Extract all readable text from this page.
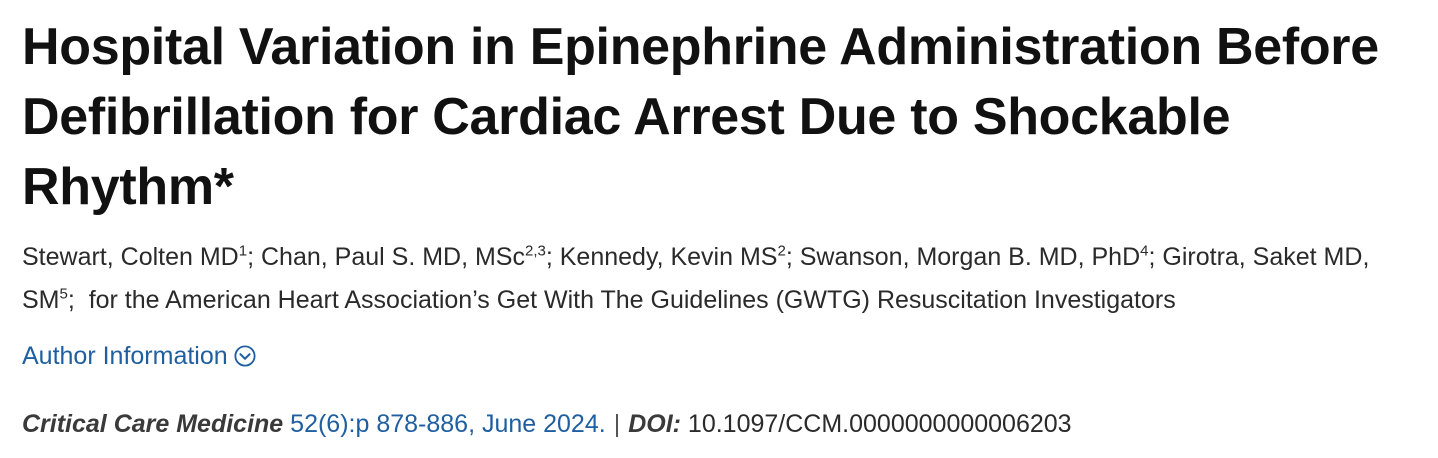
Hospital Variation in Epinephrine Administration Before Defibrillation for Cardiac Arrest Due to Shockable Rhythm*
Stewart, Colten $MD^1$; Chan, Paul S. MD, MSc$^{2,3}$; Kennedy, Kevin $MS^2$; Swanson, Morgan B. MD, PhD$^4$; Girotra, Saket MD, $SM^5$;  for the American Heart Association’s Get With The Guidelines (GWTG) Resuscitation Investigators
Author Information
Critical Care Medicine 52(6):p 878-886, June 2024. | DOI: 10.1097/CCM.0000000000006203
